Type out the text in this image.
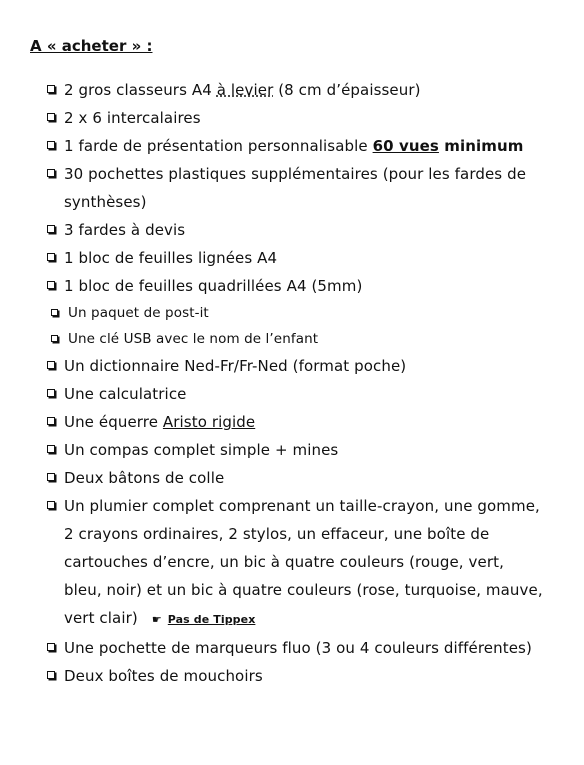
A « acheter » :
2 gros classeurs A4 à levier (8 cm d’épaisseur)
2 x 6 intercalaires
1 farde de présentation personnalisable 60 vues minimum
30 pochettes plastiques supplémentaires (pour les fardes de synthèses)
3 fardes à devis
1 bloc de feuilles lignées A4
1 bloc de feuilles quadrillées A4 (5mm)
Un paquet de post-it
Une clé USB avec le nom de l’enfant
Un dictionnaire Ned-Fr/Fr-Ned (format poche)
Une calculatrice
Une équerre Aristo rigide
Un compas complet simple + mines
Deux bâtons de colle
Un plumier complet comprenant un taille-crayon, une gomme, 2 crayons ordinaires, 2 stylos, un effaceur, une boîte de cartouches d’encre, un bic à quatre couleurs (rouge, vert, bleu, noir) et un bic à quatre couleurs (rose, turquoise, mauve, vert clair) ☛ Pas de Tippex
Une pochette de marqueurs fluo (3 ou 4 couleurs différentes)
Deux boîtes de mouchoirs
